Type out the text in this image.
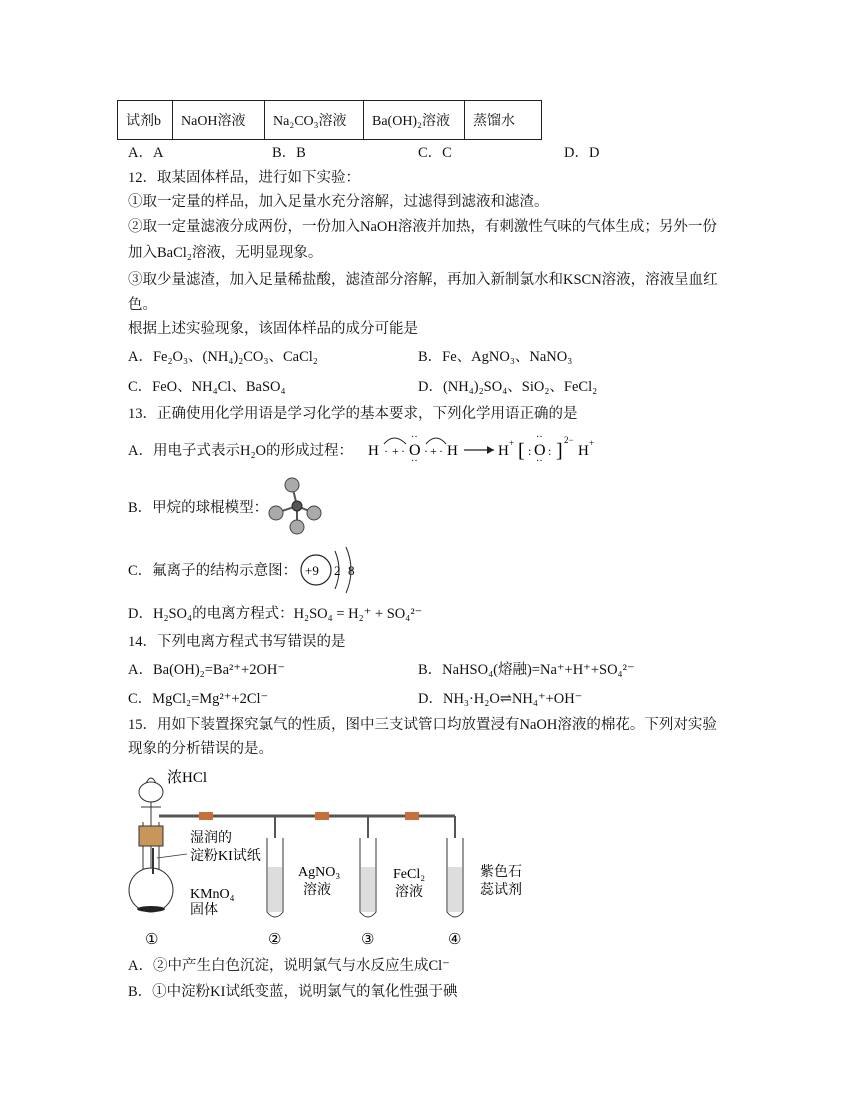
试剂b	NaOH溶液	Na₂CO₃溶液	Ba(OH)₂溶液	蒸馏水
A．A	B．B	C．C	D．D
12．取某固体样品，进行如下实验：
①取一定量的样品，加入足量水充分溶解，过滤得到滤液和滤渣。
②取一定量滤液分成两份，一份加入NaOH溶液并加热，有刺激性气味的气体生成；另外一份
加入BaCl₂溶液，无明显现象。
③取少量滤渣，加入足量稀盐酸，滤渣部分溶解，再加入新制氯水和KSCN溶液，溶液呈血红
色。
根据上述实验现象，该固体样品的成分可能是
A．Fe₂O₃、(NH₄)₂CO₃、CaCl₂	B．Fe、AgNO₃、NaNO₃
C．FeO、NH₄Cl、BaSO₄	D．(NH₄)₂SO₄、SiO₂、FeCl₂
13．正确使用化学用语是学习化学的基本要求，下列化学用语正确的是
A．用电子式表示H₂O的形成过程： H · + · O
··
··
· + · H	H + [ : O
··
··
: ] 2−
H +
B．甲烷的球棍模型：
C．氟离子的结构示意图： +9 2 8
D．H₂SO₄的电离方程式：H₂SO₄ = H₂⁺ + SO₄²⁻
14．下列电离方程式书写错误的是
A．Ba(OH)₂=Ba²⁺+2OH⁻	B．NaHSO₄(熔融)=Na⁺+H⁺+SO₄²⁻
C．MgCl₂=Mg²⁺+2Cl⁻	D．NH₃·H₂O⇌NH₄⁺+OH⁻
15．用如下装置探究氯气的性质，图中三支试管口均放置浸有NaOH溶液的棉花。下列对实验
现象的分析错误的是。
浓HCl
湿润的
淀粉KI试纸
KMnO₄
固体
AgNO₃
溶液
FeCl₂
溶液
紫色石
蕊试剂
①	②	③	④
A．②中产生白色沉淀，说明氯气与水反应生成Cl⁻
B．①中淀粉KI试纸变蓝，说明氯气的氧化性强于碘
